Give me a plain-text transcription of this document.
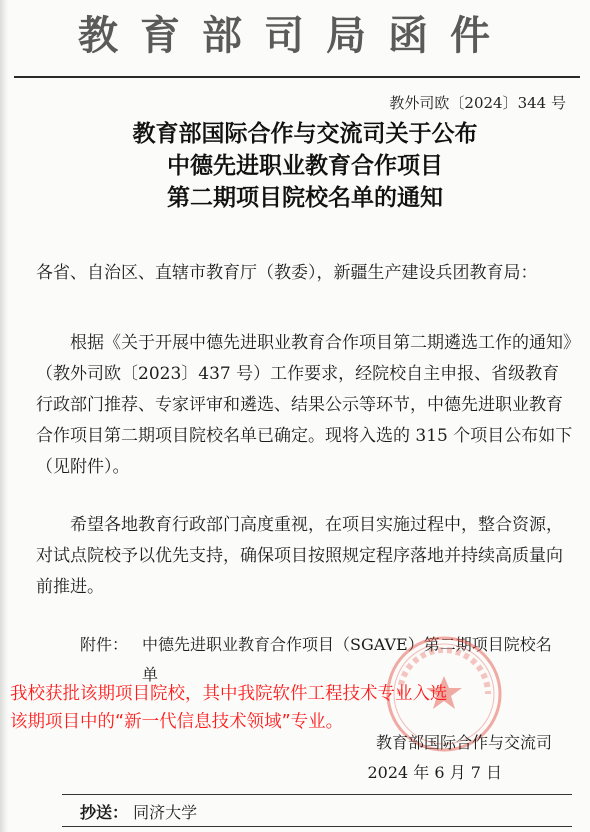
教育部司局函件
教外司欧〔2024〕344 号
教育部国际合作与交流司关于公布
中德先进职业教育合作项目
第二期项目院校名单的通知
各省、自治区、直辖市教育厅（教委），新疆生产建设兵团教育局：
根据《关于开展中德先进职业教育合作项目第二期遴选工作的通知》（教外司欧〔2023〕437 号）工作要求，经院校自主申报、省级教育行政部门推荐、专家评审和遴选、结果公示等环节，中德先进职业教育合作项目第二期项目院校名单已确定。现将入选的 315 个项目公布如下（见附件）。
希望各地教育行政部门高度重视，在项目实施过程中，整合资源，对试点院校予以优先支持，确保项目按照规定程序落地并持续高质量向前推进。
附件： 中德先进职业教育合作项目（SGAVE）第二期项目院校名单
我校获批该期项目院校，其中我院软件工程技术专业入选
该期项目中的“新一代信息技术领域”专业。
教育部国际合作与交流司
2024 年 6 月 7 日
抄送： 同济大学
